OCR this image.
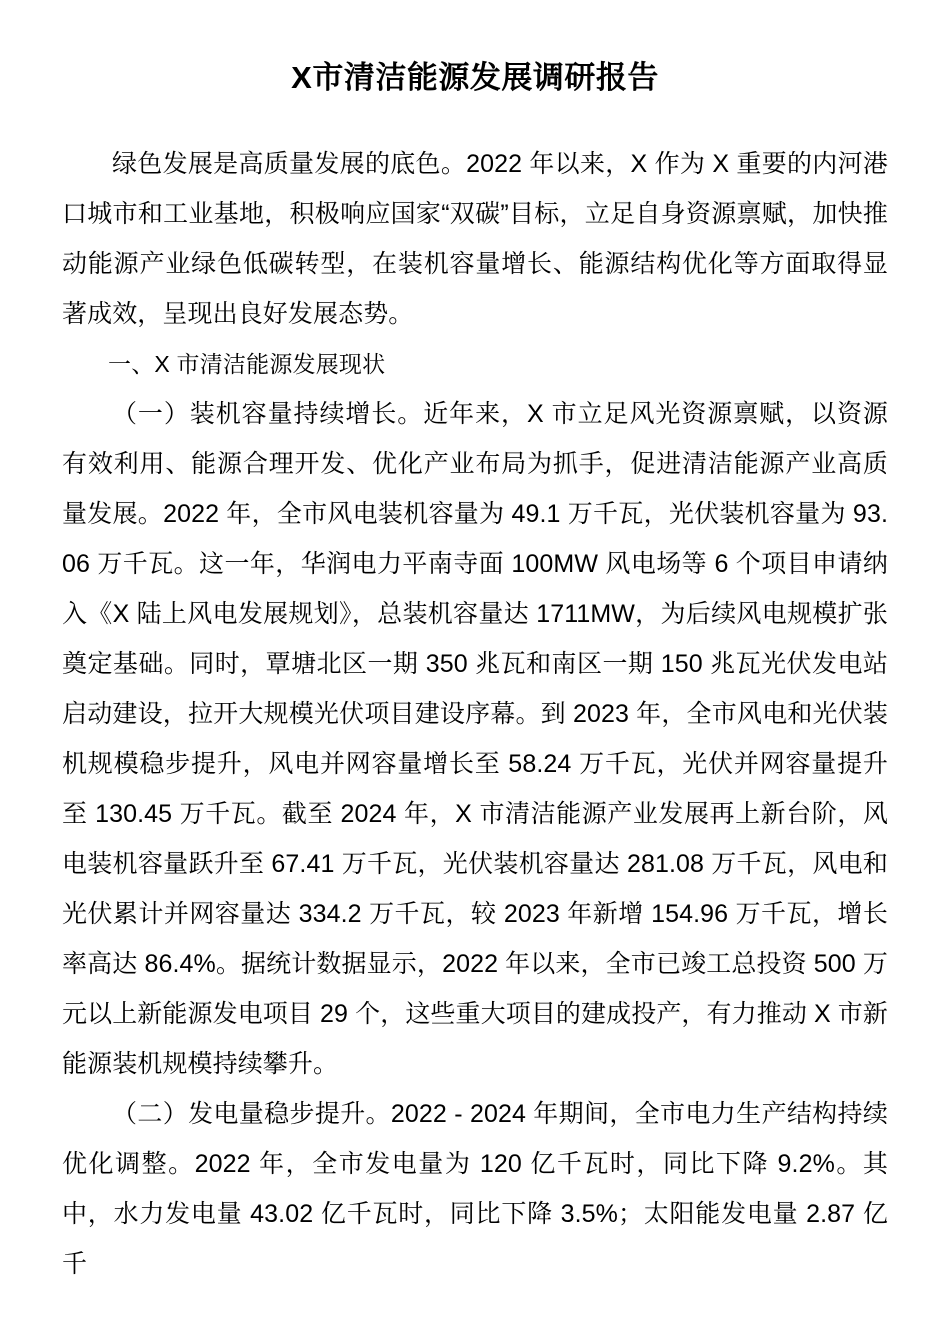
X市清洁能源发展调研报告

绿色发展是高质量发展的底色。2022 年以来，X 作为 X 重要的内河港口城市和工业基地，积极响应国家“双碳”目标，立足自身资源禀赋，加快推动能源产业绿色低碳转型，在装机容量增长、能源结构优化等方面取得显著成效，呈现出良好发展态势。

一、X 市清洁能源发展现状

（一）装机容量持续增长。近年来，X 市立足风光资源禀赋，以资源有效利用、能源合理开发、优化产业布局为抓手，促进清洁能源产业高质量发展。2022 年，全市风电装机容量为 49.1 万千瓦，光伏装机容量为 93.06 万千瓦。这一年，华润电力平南寺面 100MW 风电场等 6 个项目申请纳入《X 陆上风电发展规划》，总装机容量达 1711MW，为后续风电规模扩张奠定基础。同时，覃塘北区一期 350 兆瓦和南区一期 150 兆瓦光伏发电站启动建设，拉开大规模光伏项目建设序幕。到 2023 年，全市风电和光伏装机规模稳步提升，风电并网容量增长至 58.24 万千瓦，光伏并网容量提升至 130.45 万千瓦。截至 2024 年，X 市清洁能源产业发展再上新台阶，风电装机容量跃升至 67.41 万千瓦，光伏装机容量达 281.08 万千瓦，风电和光伏累计并网容量达 334.2 万千瓦，较 2023 年新增 154.96 万千瓦，增长率高达 86.4%。据统计数据显示，2022 年以来，全市已竣工总投资 500 万元以上新能源发电项目 29 个，这些重大项目的建成投产，有力推动 X 市新能源装机规模持续攀升。

（二）发电量稳步提升。2022 - 2024 年期间，全市电力生产结构持续优化调整。2022 年，全市发电量为 120 亿千瓦时，同比下降 9.2%。其中，水力发电量 43.02 亿千瓦时，同比下降 3.5%；太阳能发电量 2.87 亿千
